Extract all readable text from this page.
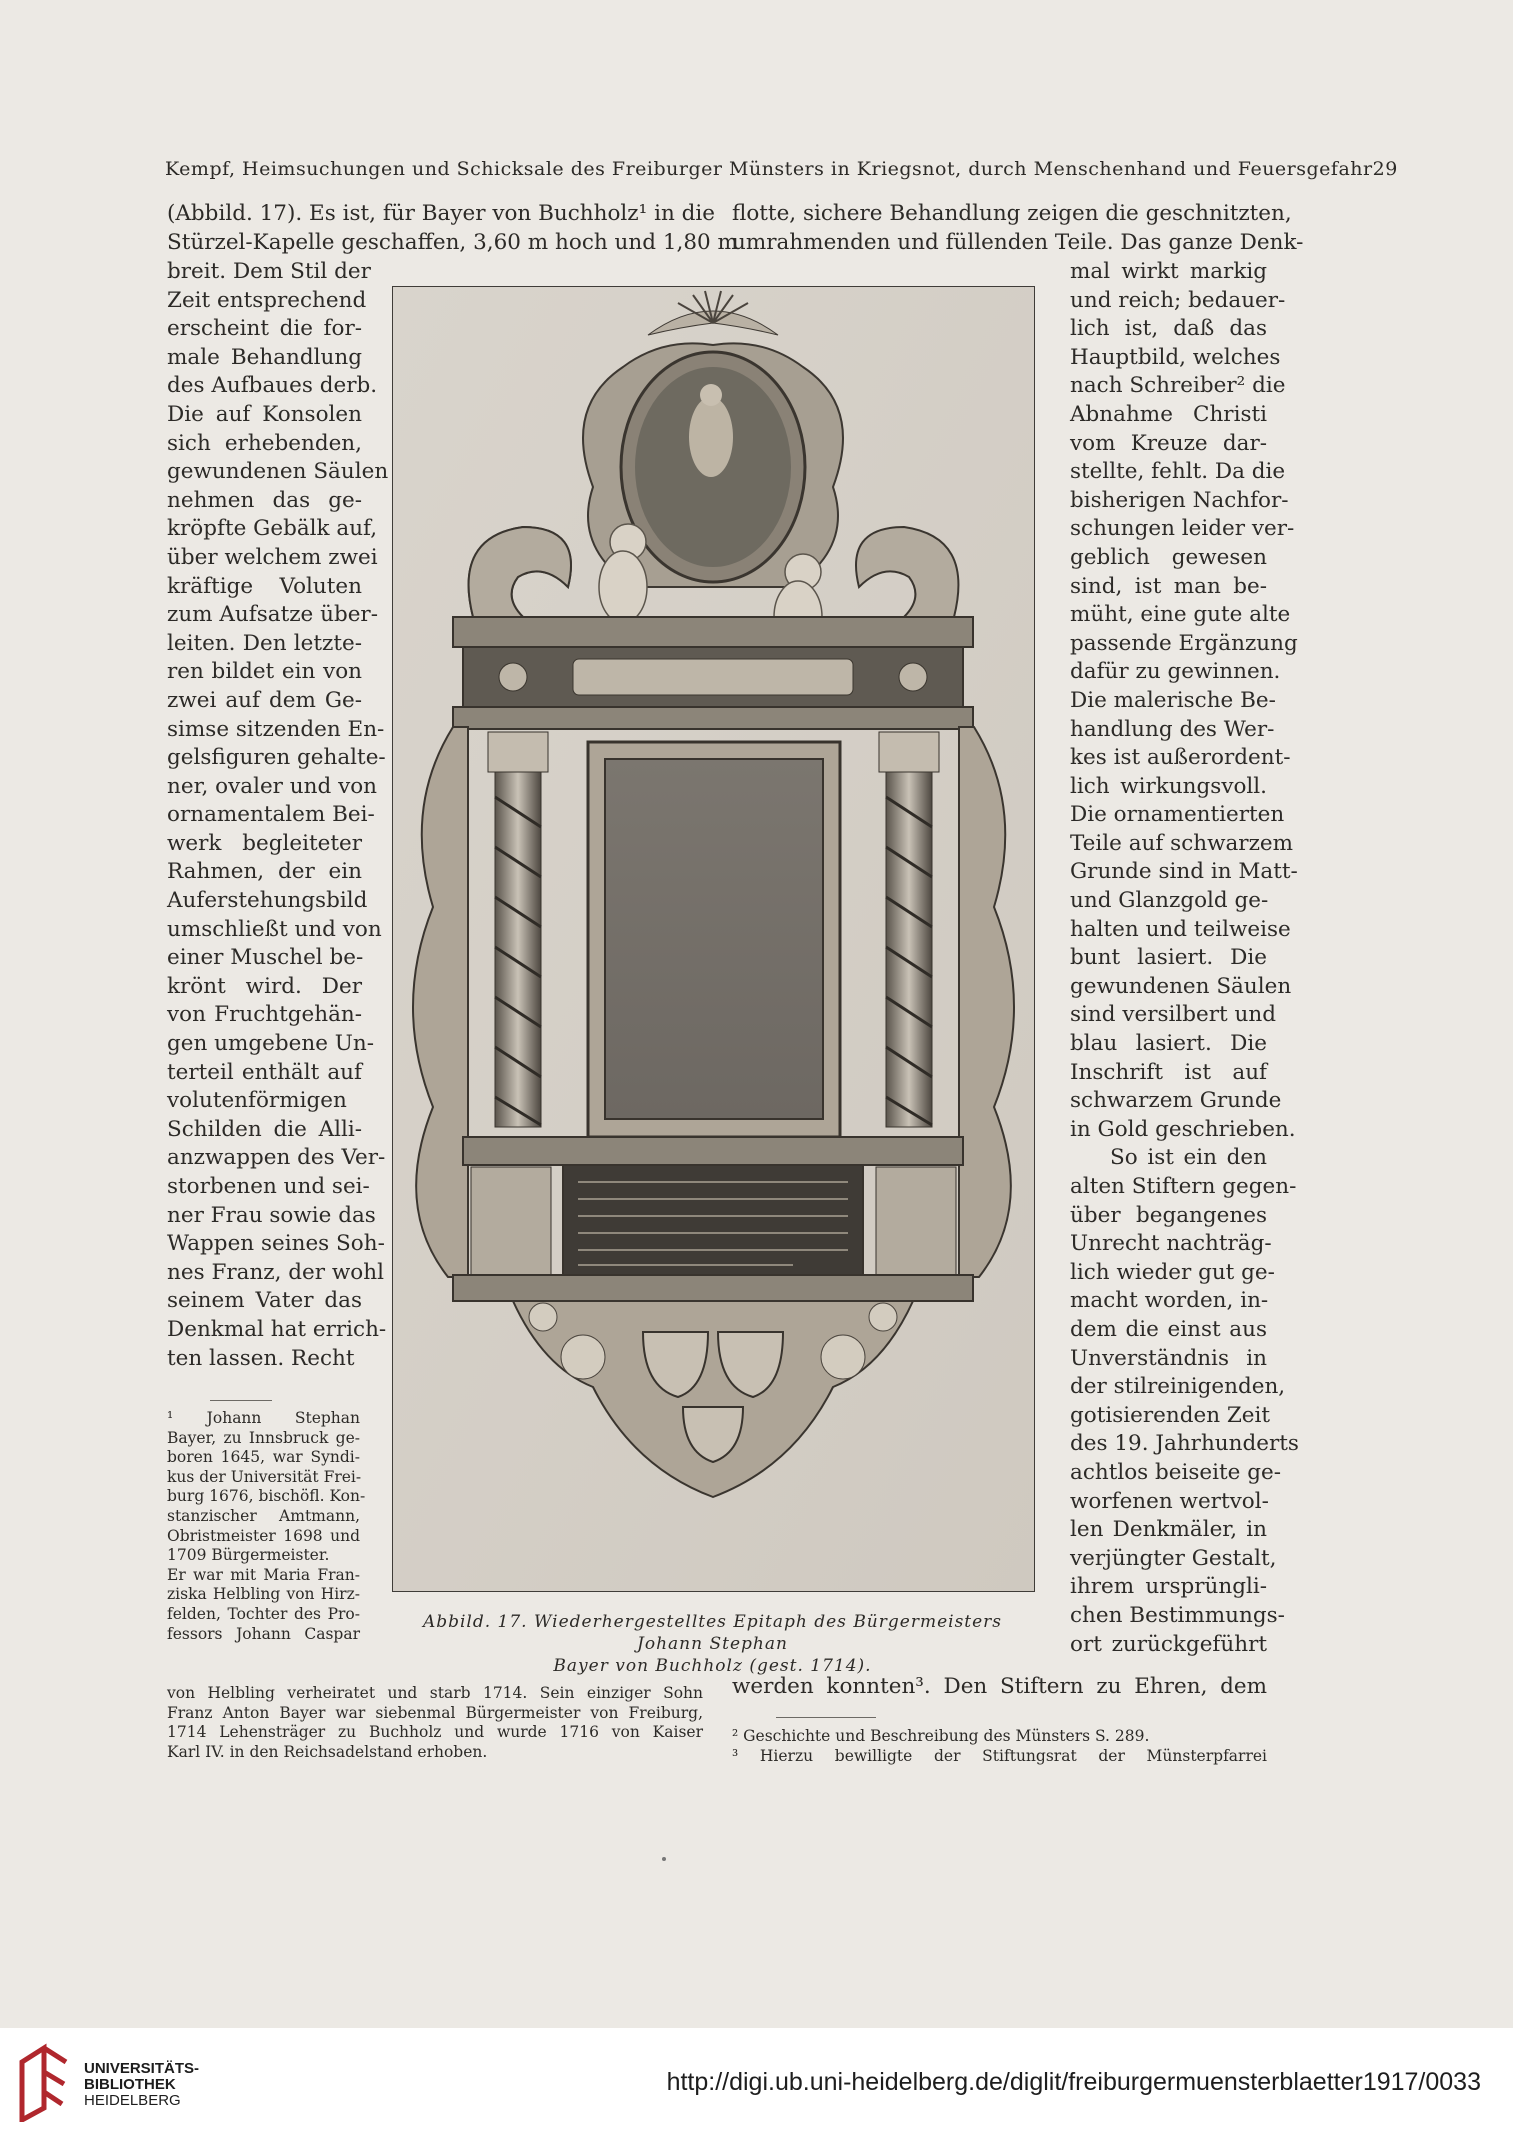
Kempf, Heimsuchungen und Schicksale des Freiburger Münsters in Kriegsnot, durch Menschenhand und Feuersgefahr 29
(Abbild. 17). Es ist, für Bayer von Buchholz¹ in die
Stürzel-Kapelle geschaffen, 3,60 m hoch und 1,80 m
flotte, sichere Behandlung zeigen die geschnitzten,
umrahmenden und füllenden Teile. Das ganze Denk-
breit. Dem Stil der
Zeit entsprechend
erscheint die for-
male Behandlung
des Aufbaues derb.
Die auf Konsolen
sich erhebenden,
gewundenen Säulen
nehmen das ge-
kröpfte Gebälk auf,
über welchem zwei
kräftige Voluten
zum Aufsatze über-
leiten. Den letzte-
ren bildet ein von
zwei auf dem Ge-
simse sitzenden En-
gelsfiguren gehalte-
ner, ovaler und von
ornamentalem Bei-
werk begleiteter
Rahmen, der ein
Auferstehungsbild
umschließt und von
einer Muschel be-
krönt wird. Der
von Fruchtgehän-
gen umgebene Un-
terteil enthält auf
volutenförmigen
Schilden die Alli-
anzwappen des Ver-
storbenen und sei-
ner Frau sowie das
Wappen seines Soh-
nes Franz, der wohl
seinem Vater das
Denkmal hat errich-
ten lassen. Recht
mal wirkt markig
und reich; bedauer-
lich ist, daß das
Hauptbild, welches
nach Schreiber² die
Abnahme Christi
vom Kreuze dar-
stellte, fehlt. Da die
bisherigen Nachfor-
schungen leider ver-
geblich gewesen
sind, ist man be-
müht, eine gute alte
passende Ergänzung
dafür zu gewinnen.
Die malerische Be-
handlung des Wer-
kes ist außerordent-
lich wirkungsvoll.
Die ornamentierten
Teile auf schwarzem
Grunde sind in Matt-
und Glanzgold ge-
halten und teilweise
bunt lasiert. Die
gewundenen Säulen
sind versilbert und
blau lasiert. Die
Inschrift ist auf
schwarzem Grunde
in Gold geschrieben.
So ist ein den
alten Stiftern gegen-
über begangenes
Unrecht nachträg-
lich wieder gut ge-
macht worden, in-
dem die einst aus
Unverständnis in
der stilreinigenden,
gotisierenden Zeit
des 19. Jahrhunderts
achtlos beiseite ge-
worfenen wertvol-
len Denkmäler, in
verjüngter Gestalt,
ihrem ursprüngli-
chen Bestimmungs-
ort zurückgeführt
werden konnten³. Den Stiftern zu Ehren, dem
Abbild. 17. Wiederhergestelltes Epitaph des Bürgermeisters Johann Stephan
Bayer von Buchholz (gest. 1714).
¹ Johann Stephan
Bayer, zu Innsbruck ge-
boren 1645, war Syndi-
kus der Universität Frei-
burg 1676, bischöfl. Kon-
stanzischer Amtmann,
Obristmeister 1698 und
1709 Bürgermeister.
Er war mit Maria Fran-
ziska Helbling von Hirz-
felden, Tochter des Pro-
fessors Johann Caspar
von Helbling verheiratet und starb 1714. Sein einziger Sohn
Franz Anton Bayer war siebenmal Bürgermeister von Freiburg,
1714 Lehensträger zu Buchholz und wurde 1716 von Kaiser
Karl IV. in den Reichsadelstand erhoben.
² Geschichte und Beschreibung des Münsters S. 289.
³ Hierzu bewilligte der Stiftungsrat der Münsterpfarrei
UNIVERSITÄTS-
BIBLIOTHEK
HEIDELBERG
http://digi.ub.uni-heidelberg.de/diglit/freiburgermuensterblaetter1917/0033
